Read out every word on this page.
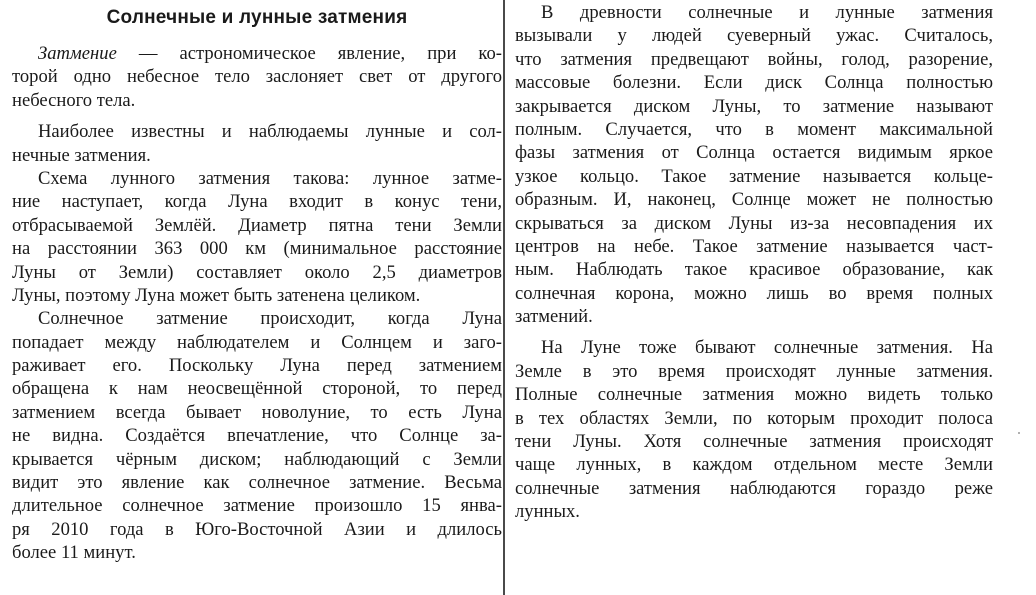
Солнечные и лунные затмения
Затмение — астрономическое явление, при ко-
торой одно небесное тело заслоняет свет от другого
небесного тела.
Наиболее известны и наблюдаемы лунные и сол-
нечные затмения.
Схема лунного затмения такова: лунное затме-
ние наступает, когда Луна входит в конус тени,
отбрасываемой Землёй. Диаметр пятна тени Земли
на расстоянии 363 000 км (минимальное расстояние
Луны от Земли) составляет около 2,5 диаметров
Луны, поэтому Луна может быть затенена целиком.
Солнечное затмение происходит, когда Луна
попадает между наблюдателем и Солнцем и заго-
раживает его. Поскольку Луна перед затмением
обращена к нам неосвещённой стороной, то перед
затмением всегда бывает новолуние, то есть Луна
не видна. Создаётся впечатление, что Солнце за-
крывается чёрным диском; наблюдающий с Земли
видит это явление как солнечное затмение. Весьма
длительное солнечное затмение произошло 15 янва-
ря 2010 года в Юго-Восточной Азии и длилось
более 11 минут.
В древности солнечные и лунные затмения
вызывали у людей суеверный ужас. Считалось,
что затмения предвещают войны, голод, разорение,
массовые болезни. Если диск Солнца полностью
закрывается диском Луны, то затмение называют
полным. Случается, что в момент максимальной
фазы затмения от Солнца остается видимым яркое
узкое кольцо. Такое затмение называется кольце-
образным. И, наконец, Солнце может не полностью
скрываться за диском Луны из-за несовпадения их
центров на небе. Такое затмение называется част-
ным. Наблюдать такое красивое образование, как
солнечная корона, можно лишь во время полных
затмений.
На Луне тоже бывают солнечные затмения. На
Земле в это время происходят лунные затмения.
Полные солнечные затмения можно видеть только
в тех областях Земли, по которым проходит полоса
тени Луны. Хотя солнечные затмения происходят
чаще лунных, в каждом отдельном месте Земли
солнечные затмения наблюдаются гораздо реже
лунных.
